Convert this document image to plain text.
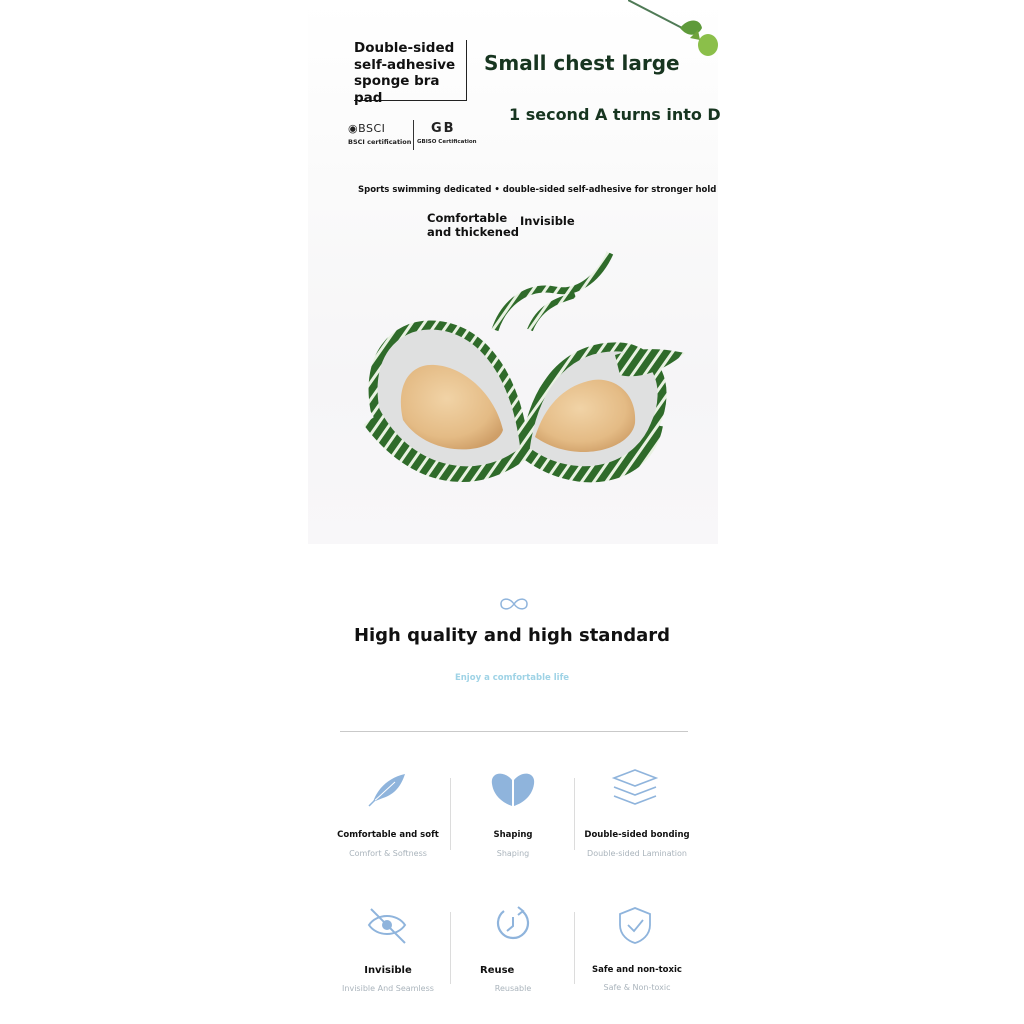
Double-sided
self-adhesive
sponge bra pad
Small chest large
1 second A turns into D
◉BSCI
BSCI certification
GB
GBISO Certification
Sports swimming dedicated • double-sided self-adhesive for stronger hold
Comfortable
and thickened
Invisible
High quality and high standard
Enjoy a comfortable life
Comfortable and soft
Comfort & Softness
Shaping
Shaping
Double-sided bonding
Double-sided Lamination
Invisible
Invisible And Seamless
Reuse
Reusable
Safe and non-toxic
Safe & Non-toxic
